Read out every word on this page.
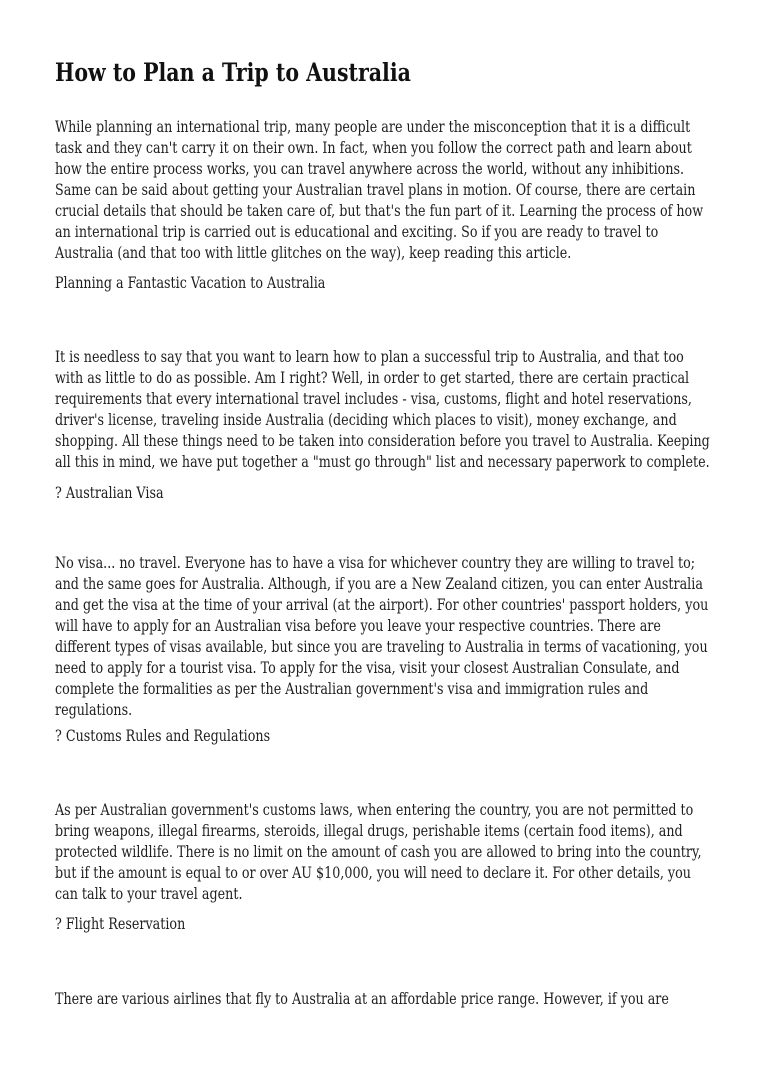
How to Plan a Trip to Australia
While planning an international trip, many people are under the misconception that it is a difficult
task and they can't carry it on their own. In fact, when you follow the correct path and learn about
how the entire process works, you can travel anywhere across the world, without any inhibitions.
Same can be said about getting your Australian travel plans in motion. Of course, there are certain
crucial details that should be taken care of, but that's the fun part of it. Learning the process of how
an international trip is carried out is educational and exciting. So if you are ready to travel to
Australia (and that too with little glitches on the way), keep reading this article.
Planning a Fantastic Vacation to Australia
It is needless to say that you want to learn how to plan a successful trip to Australia, and that too
with as little to do as possible. Am I right? Well, in order to get started, there are certain practical
requirements that every international travel includes - visa, customs, flight and hotel reservations,
driver's license, traveling inside Australia (deciding which places to visit), money exchange, and
shopping. All these things need to be taken into consideration before you travel to Australia. Keeping
all this in mind, we have put together a "must go through" list and necessary paperwork to complete.
? Australian Visa
No visa... no travel. Everyone has to have a visa for whichever country they are willing to travel to;
and the same goes for Australia. Although, if you are a New Zealand citizen, you can enter Australia
and get the visa at the time of your arrival (at the airport). For other countries' passport holders, you
will have to apply for an Australian visa before you leave your respective countries. There are
different types of visas available, but since you are traveling to Australia in terms of vacationing, you
need to apply for a tourist visa. To apply for the visa, visit your closest Australian Consulate, and
complete the formalities as per the Australian government's visa and immigration rules and
regulations.
? Customs Rules and Regulations
As per Australian government's customs laws, when entering the country, you are not permitted to
bring weapons, illegal firearms, steroids, illegal drugs, perishable items (certain food items), and
protected wildlife. There is no limit on the amount of cash you are allowed to bring into the country,
but if the amount is equal to or over AU $10,000, you will need to declare it. For other details, you
can talk to your travel agent.
? Flight Reservation
There are various airlines that fly to Australia at an affordable price range. However, if you are
